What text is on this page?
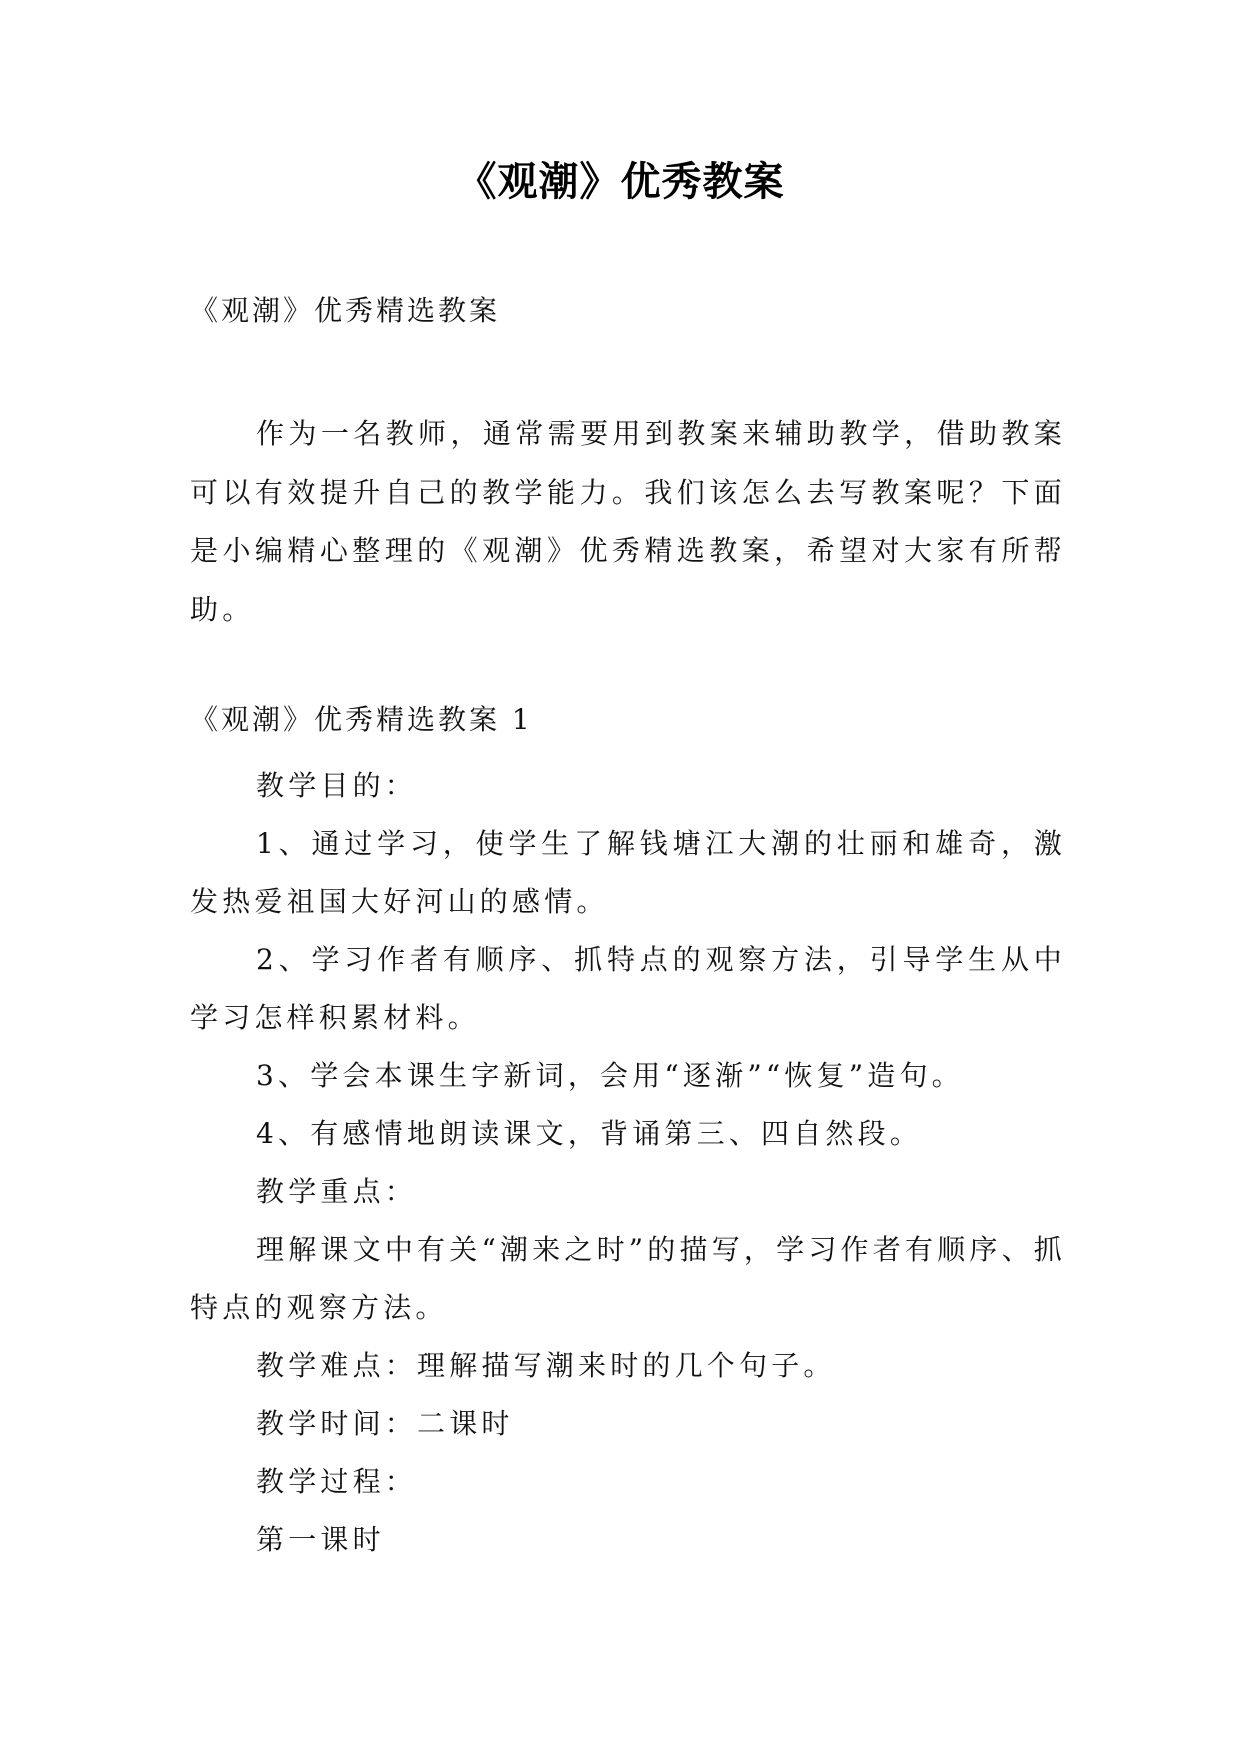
《观潮》优秀教案

《观潮》优秀精选教案

作为一名教师，通常需要用到教案来辅助教学，借助教案可以有效提升自己的教学能力。我们该怎么去写教案呢？下面是小编精心整理的《观潮》优秀精选教案，希望对大家有所帮助。

《观潮》优秀精选教案 1

教学目的：

1、通过学习，使学生了解钱塘江大潮的壮丽和雄奇，激发热爱祖国大好河山的感情。

2、学习作者有顺序、抓特点的观察方法，引导学生从中学习怎样积累材料。

3、学会本课生字新词，会用“逐渐”“恢复”造句。

4、有感情地朗读课文，背诵第三、四自然段。

教学重点：

理解课文中有关“潮来之时”的描写，学习作者有顺序、抓特点的观察方法。

教学难点：理解描写潮来时的几个句子。

教学时间：二课时

教学过程：

第一课时
